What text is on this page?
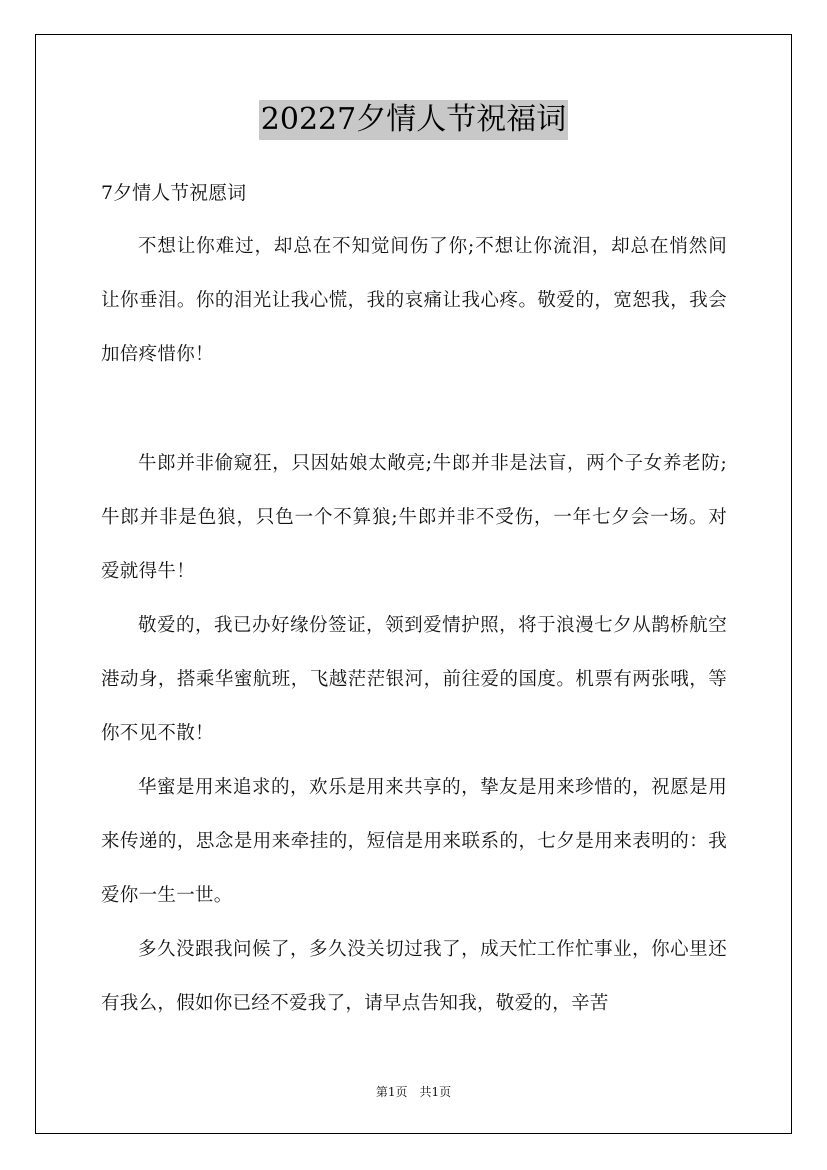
20227夕情人节祝福词
7夕情人节祝愿词

不想让你难过，却总在不知觉间伤了你;不想让你流泪，却总在悄然间让你垂泪。你的泪光让我心慌，我的哀痛让我心疼。敬爱的，宽恕我，我会加倍疼惜你！

牛郎并非偷窥狂，只因姑娘太敞亮;牛郎并非是法盲，两个子女养老防;牛郎并非是色狼，只色一个不算狼;牛郎并非不受伤，一年七夕会一场。对爱就得牛！

敬爱的，我已办好缘份签证，领到爱情护照，将于浪漫七夕从鹊桥航空港动身，搭乘华蜜航班，飞越茫茫银河，前往爱的国度。机票有两张哦，等你不见不散！

华蜜是用来追求的，欢乐是用来共享的，挚友是用来珍惜的，祝愿是用来传递的，思念是用来牵挂的，短信是用来联系的，七夕是用来表明的：我爱你一生一世。

多久没跟我问候了，多久没关切过我了，成天忙工作忙事业，你心里还有我么，假如你已经不爱我了，请早点告知我，敬爱的，辛苦

第1页　共1页
